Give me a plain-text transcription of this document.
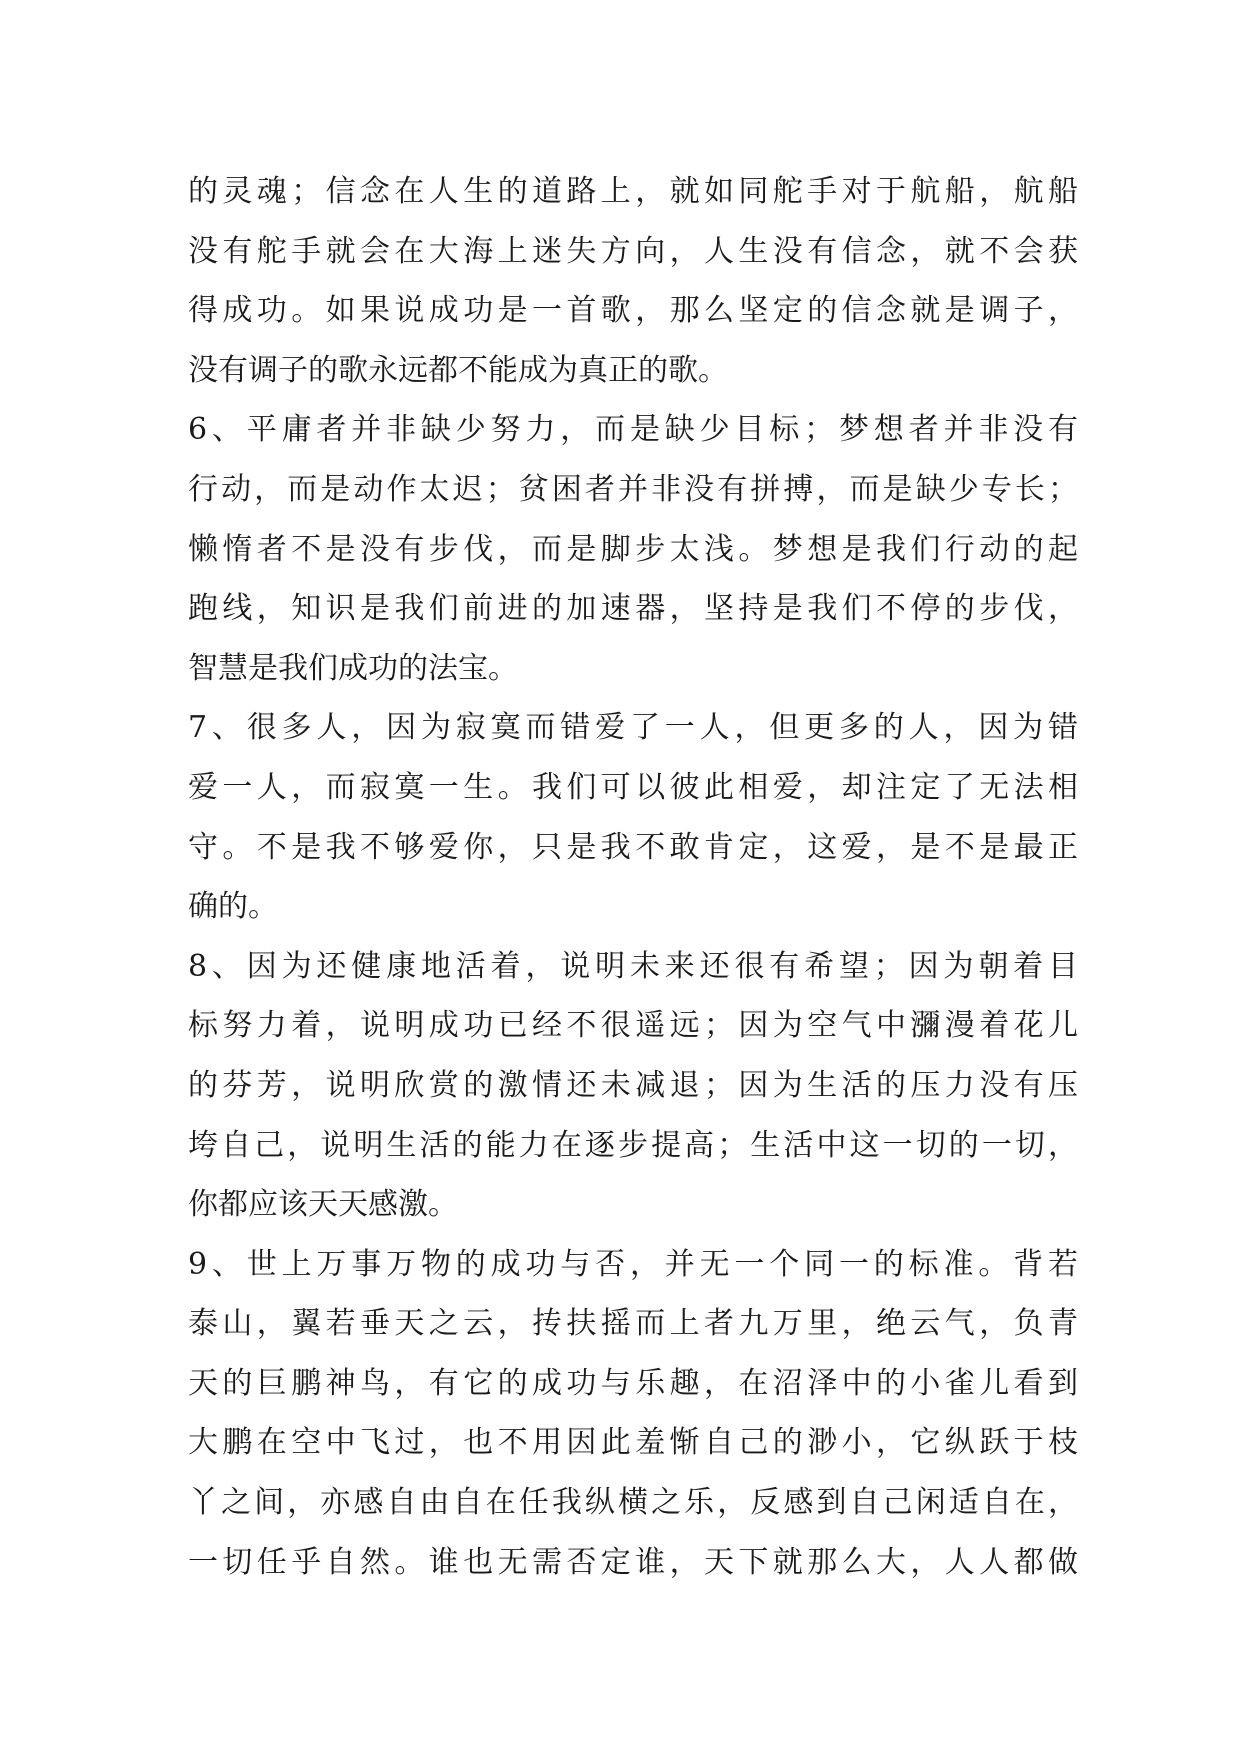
的灵魂；信念在人生的道路上，就如同舵手对于航船，航船
没有舵手就会在大海上迷失方向，人生没有信念，就不会获
得成功。如果说成功是一首歌，那么坚定的信念就是调子，
没有调子的歌永远都不能成为真正的歌。
6、平庸者并非缺少努力，而是缺少目标；梦想者并非没有
行动，而是动作太迟；贫困者并非没有拼搏，而是缺少专长；
懒惰者不是没有步伐，而是脚步太浅。梦想是我们行动的起
跑线，知识是我们前进的加速器，坚持是我们不停的步伐，
智慧是我们成功的法宝。
7、很多人，因为寂寞而错爱了一人，但更多的人，因为错
爱一人，而寂寞一生。我们可以彼此相爱，却注定了无法相
守。不是我不够爱你，只是我不敢肯定，这爱，是不是最正
确的。
8、因为还健康地活着，说明未来还很有希望；因为朝着目
标努力着，说明成功已经不很遥远；因为空气中瀰漫着花儿
的芬芳，说明欣赏的激情还未减退；因为生活的压力没有压
垮自己，说明生活的能力在逐步提高；生活中这一切的一切，
你都应该天天感激。
9、世上万事万物的成功与否，并无一个同一的标准。背若
泰山，翼若垂天之云，抟扶摇而上者九万里，绝云气，负青
天的巨鹏神鸟，有它的成功与乐趣，在沼泽中的小雀儿看到
大鹏在空中飞过，也不用因此羞惭自己的渺小，它纵跃于枝
丫之间，亦感自由自在任我纵横之乐，反感到自己闲适自在，
一切任乎自然。谁也无需否定谁，天下就那么大，人人都做
